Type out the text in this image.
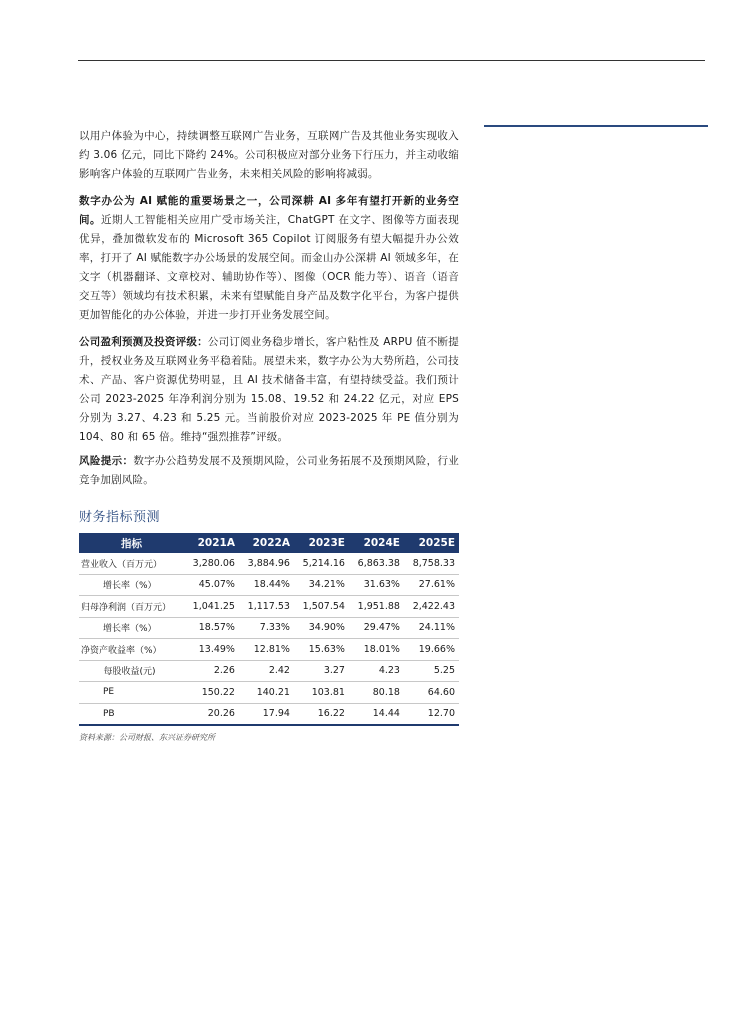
以用户体验为中心，持续调整互联网广告业务，互联网广告及其他业务实现收入约 3.06 亿元，同比下降约 24%。公司积极应对部分业务下行压力，并主动收缩影响客户体验的互联网广告业务，未来相关风险的影响将减弱。

数字办公为 AI 赋能的重要场景之一，公司深耕 AI 多年有望打开新的业务空间。近期人工智能相关应用广受市场关注，ChatGPT 在文字、图像等方面表现优异，叠加微软发布的 Microsoft 365 Copilot 订阅服务有望大幅提升办公效率，打开了 AI 赋能数字办公场景的发展空间。而金山办公深耕 AI 领域多年，在文字（机器翻译、文章校对、辅助协作等）、图像（OCR 能力等）、语音（语音交互等）领域均有技术积累，未来有望赋能自身产品及数字化平台，为客户提供更加智能化的办公体验，并进一步打开业务发展空间。

公司盈利预测及投资评级：公司订阅业务稳步增长，客户粘性及 ARPU 值不断提升，授权业务及互联网业务平稳着陆。展望未来，数字办公为大势所趋，公司技术、产品、客户资源优势明显，且 AI 技术储备丰富，有望持续受益。我们预计公司 2023-2025 年净利润分别为 15.08、19.52 和 24.22 亿元，对应 EPS 分别为 3.27、4.23 和 5.25 元。当前股价对应 2023-2025 年 PE 值分别为 104、80 和 65 倍。维持“强烈推荐”评级。

风险提示：数字办公趋势发展不及预期风险，公司业务拓展不及预期风险，行业竞争加剧风险。

财务指标预测
指标	2021A	2022A	2023E	2024E	2025E
营业收入（百万元）	3,280.06	3,884.96	5,214.16	6,863.38	8,758.33
增长率（%）	45.07%	18.44%	34.21%	31.63%	27.61%
归母净利润（百万元）	1,041.25	1,117.53	1,507.54	1,951.88	2,422.43
增长率（%）	18.57%	7.33%	34.90%	29.47%	24.11%
净资产收益率（%）	13.49%	12.81%	15.63%	18.01%	19.66%
每股收益(元)	2.26	2.42	3.27	4.23	5.25
PE	150.22	140.21	103.81	80.18	64.60
PB	20.26	17.94	16.22	14.44	12.70
资料来源：公司财报、东兴证券研究所
